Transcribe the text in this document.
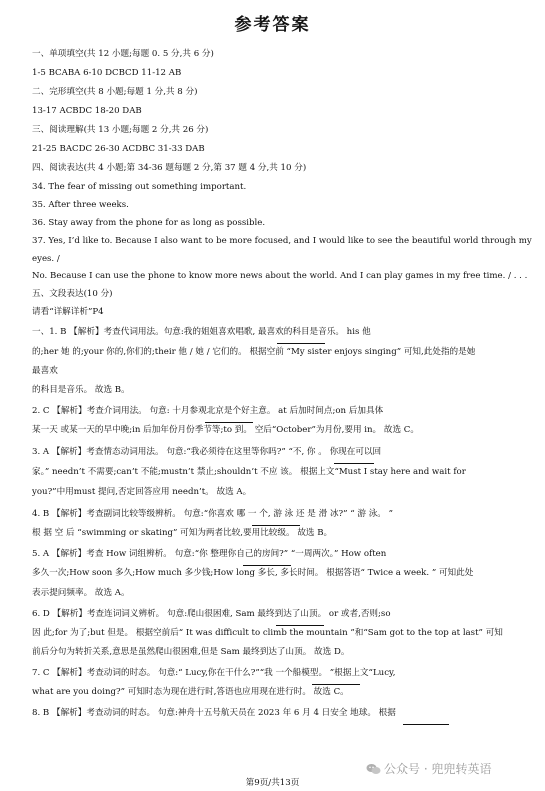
参考答案
一、单项填空(共 12 小题;每题 0. 5 分,共 6 分)
1-5 BCABA 6-10 DCBCD 11-12 AB
二、完形填空(共 8 小题;每题 1 分,共 8 分)
13-17 ACBDC 18-20 DAB
三、阅读理解(共 13 小题;每题 2 分,共 26 分)
21-25 BACDC 26-30 ACDBC 31-33 DAB
四、阅读表达(共 4 小题;第 34-36 题每题 2 分,第 37 题 4 分,共 10 分)
34. The fear of missing out something important.
35. After three weeks.
36. Stay away from the phone for as long as possible.
37. Yes, I’d like to. Because I also want to be more focused, and I would like to see the beautiful world through my
eyes. /
No. Because I can use the phone to know more news about the world. And I can play games in my free time. / . . .
五、文段表达(10 分)
请看“详解详析”P4
一、1. B 【解析】考查代词用法。句意:我的姐姐喜欢唱歌, 最喜欢的科目是音乐。 his 他
的;her 她 的;your 你的,你们的;their 他 / 她 / 它们的。 根据空前 “My sister enjoys singing” 可知,此处指的是她
最喜欢
的科目是音乐。 故选 B。
2. C 【解析】考查介词用法。 句意: 十月参观北京是个好主意。 at 后加时间点;on 后加具体
某一天 或某一天的早中晚;in 后加年份月份季节等;to 到。 空后“October”为月份,要用 in。 故选 C。
3. A 【解析】考查情态动词用法。 句意:“我必须待在这里等你吗?” “不, 你 。 你现在可以回
家。” needn’t 不需要;can’t 不能;mustn’t 禁止;shouldn’t 不应 该。 根据上文“Must I stay here and wait for
you?”中用must 提问,否定回答应用 needn’t。 故选 A。
4. B 【解析】考查副词比较等级辨析。 句意:“你喜欢 哪 一 个, 游 泳 还 是 滑 冰?” “ 游 泳。 ”
根 据 空 后 “swimming or skating” 可知为两者比较,要用比较级。 故选 B。
5. A 【解析】考查 How 词组辨析。 句意:“你 整理你自己的房间?” “一周两次。” How often
多久一次;How soon 多久;How much 多少钱;How long 多长, 多长时间。 根据答语“ Twice a week. ” 可知此处
表示提问频率。 故选 A。
6. D 【解析】考查连词词义辨析。 句意:爬山很困难, Sam 最终到达了山顶。 or 或者,否则;so
因 此;for 为了;but 但是。 根据空前后“ It was difficult to climb the mountain ”和“Sam got to the top at last” 可知
前后分句为转折关系,意思是虽然爬山很困难,但是 Sam 最终到达了山顶。 故选 D。
7. C 【解析】考查动词的时态。 句意:“ Lucy,你在干什么?”“我 一个船模型。 ”根据上文“Lucy,
what are you doing?” 可知时态为现在进行时,答语也应用现在进行时。 故选 C。
8. B 【解析】考查动词的时态。 句意:神舟十五号航天员在 2023 年 6 月 4 日安全 地球。 根据
公众号 · 兜兜转英语
第9页/共13页
